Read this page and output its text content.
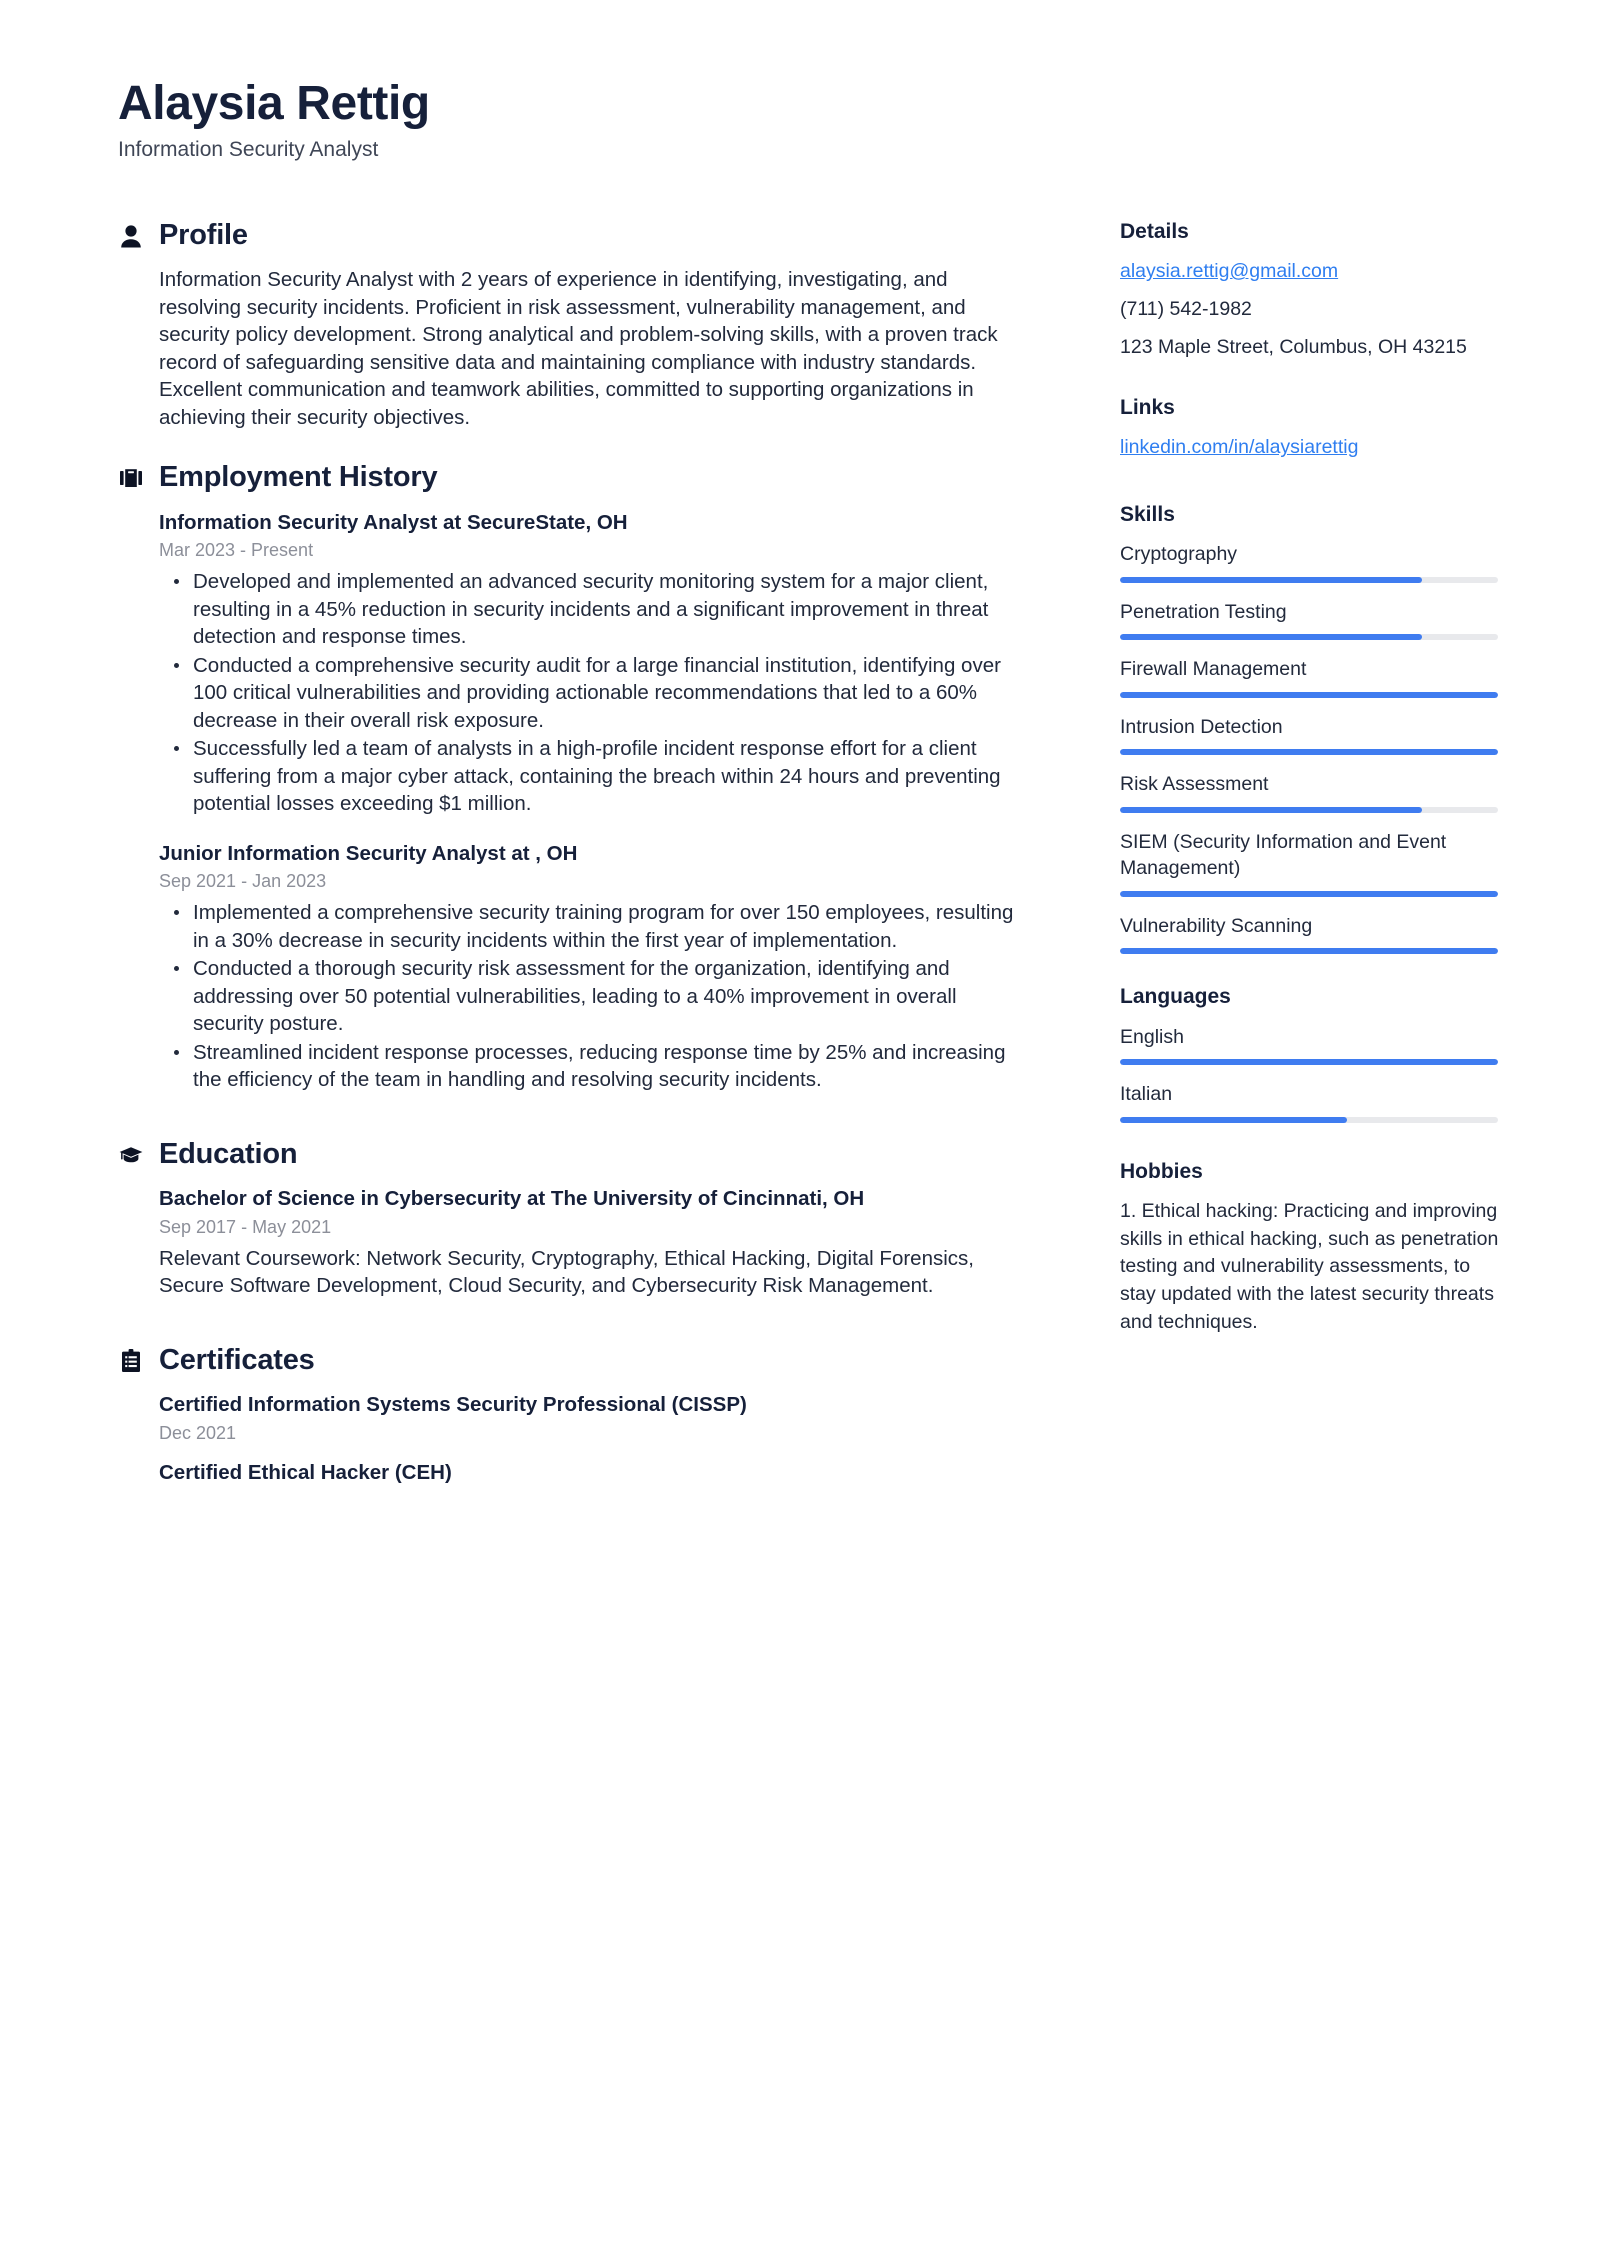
Alaysia Rettig
Information Security Analyst
Profile

Information Security Analyst with 2 years of experience in identifying, investigating, and resolving security incidents. Proficient in risk assessment, vulnerability management, and security policy development. Strong analytical and problem-solving skills, with a proven track record of safeguarding sensitive data and maintaining compliance with industry standards. Excellent communication and teamwork abilities, committed to supporting organizations in achieving their security objectives.

Employment History
Information Security Analyst at SecureState, OH
Mar 2023 - Present
Developed and implemented an advanced security monitoring system for a major client, resulting in a 45% reduction in security incidents and a significant improvement in threat detection and response times.
Conducted a comprehensive security audit for a large financial institution, identifying over 100 critical vulnerabilities and providing actionable recommendations that led to a 60% decrease in their overall risk exposure.
Successfully led a team of analysts in a high-profile incident response effort for a client suffering from a major cyber attack, containing the breach within 24 hours and preventing potential losses exceeding $1 million.
Junior Information Security Analyst at , OH
Sep 2021 - Jan 2023
Implemented a comprehensive security training program for over 150 employees, resulting in a 30% decrease in security incidents within the first year of implementation.
Conducted a thorough security risk assessment for the organization, identifying and addressing over 50 potential vulnerabilities, leading to a 40% improvement in overall security posture.
Streamlined incident response processes, reducing response time by 25% and increasing the efficiency of the team in handling and resolving security incidents.
Education
Bachelor of Science in Cybersecurity at The University of Cincinnati, OH
Sep 2017 - May 2021
Relevant Coursework: Network Security, Cryptography, Ethical Hacking, Digital Forensics, Secure Software Development, Cloud Security, and Cybersecurity Risk Management.
Certificates
Certified Information Systems Security Professional (CISSP)
Dec 2021
Certified Ethical Hacker (CEH)
Details
alaysia.rettig@gmail.com
(711) 542-1982
123 Maple Street, Columbus, OH 43215
Links
linkedin.com/in/alaysiarettig
Skills
Cryptography
Penetration Testing
Firewall Management
Intrusion Detection
Risk Assessment
SIEM (Security Information and Event Management)
Vulnerability Scanning
Languages
English
Italian
Hobbies
1. Ethical hacking: Practicing and improving skills in ethical hacking, such as penetration testing and vulnerability assessments, to stay updated with the latest security threats and techniques.
